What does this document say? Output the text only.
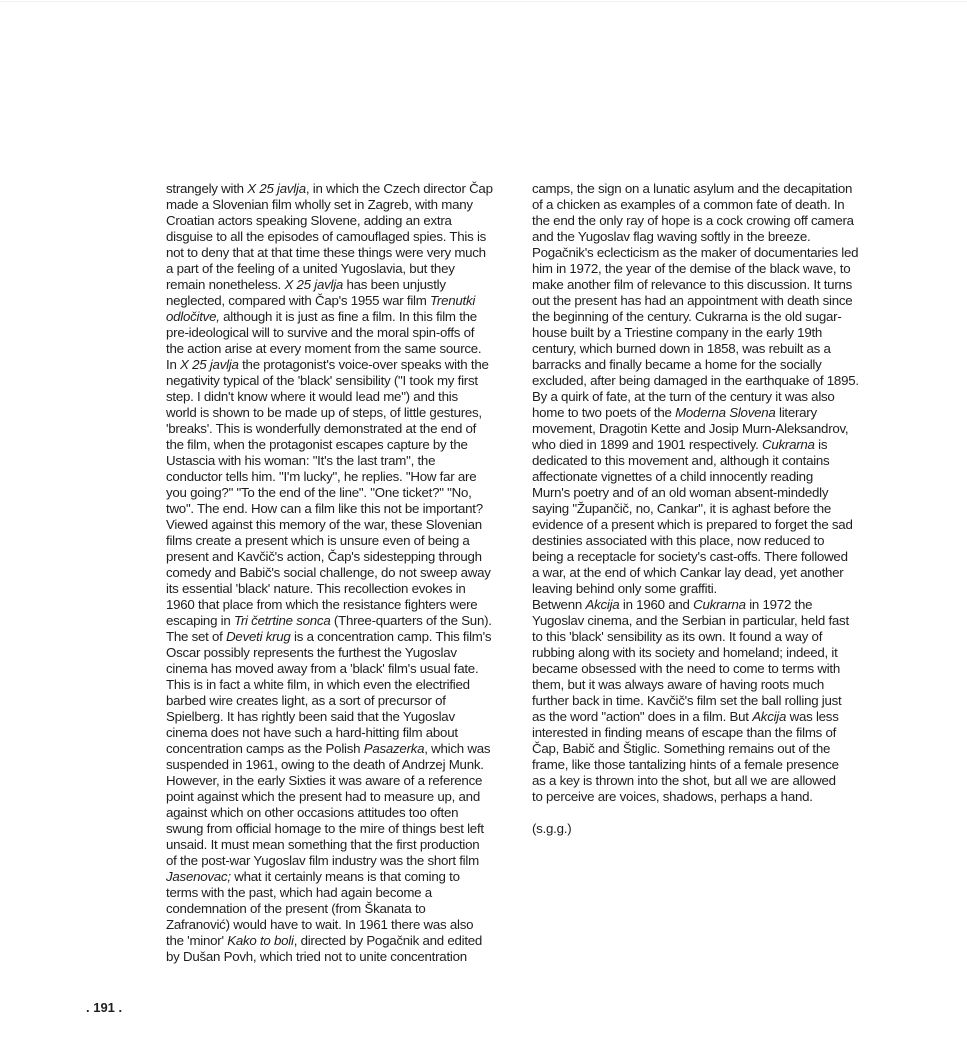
strangely with X 25 javlja, in which the Czech director Čap
made a Slovenian film wholly set in Zagreb, with many
Croatian actors speaking Slovene, adding an extra
disguise to all the episodes of camouflaged spies. This is
not to deny that at that time these things were very much
a part of the feeling of a united Yugoslavia, but they
remain nonetheless. X 25 javlja has been unjustly
neglected, compared with Čap's 1955 war film Trenutki
odločitve, although it is just as fine a film. In this film the
pre-ideological will to survive and the moral spin-offs of
the action arise at every moment from the same source.
In X 25 javlja the protagonist's voice-over speaks with the
negativity typical of the 'black' sensibility ("I took my first
step. I didn't know where it would lead me") and this
world is shown to be made up of steps, of little gestures,
'breaks'. This is wonderfully demonstrated at the end of
the film, when the protagonist escapes capture by the
Ustascia with his woman: "It's the last tram", the
conductor tells him. "I'm lucky", he replies. "How far are
you going?" "To the end of the line". "One ticket?" "No,
two". The end. How can a film like this not be important?
Viewed against this memory of the war, these Slovenian
films create a present which is unsure even of being a
present and Kavčič's action, Čap's sidestepping through
comedy and Babič's social challenge, do not sweep away
its essential 'black' nature. This recollection evokes in
1960 that place from which the resistance fighters were
escaping in Tri četrtine sonca (Three-quarters of the Sun).
The set of Deveti krug is a concentration camp. This film's
Oscar possibly represents the furthest the Yugoslav
cinema has moved away from a 'black' film's usual fate.
This is in fact a white film, in which even the electrified
barbed wire creates light, as a sort of precursor of
Spielberg. It has rightly been said that the Yugoslav
cinema does not have such a hard-hitting film about
concentration camps as the Polish Pasazerka, which was
suspended in 1961, owing to the death of Andrzej Munk.
However, in the early Sixties it was aware of a reference
point against which the present had to measure up, and
against which on other occasions attitudes too often
swung from official homage to the mire of things best left
unsaid. It must mean something that the first production
of the post-war Yugoslav film industry was the short film
Jasenovac; what it certainly means is that coming to
terms with the past, which had again become a
condemnation of the present (from Škanata to
Zafranović) would have to wait. In 1961 there was also
the 'minor' Kako to boli, directed by Pogačnik and edited
by Dušan Povh, which tried not to unite concentration
camps, the sign on a lunatic asylum and the decapitation
of a chicken as examples of a common fate of death. In
the end the only ray of hope is a cock crowing off camera
and the Yugoslav flag waving softly in the breeze.
Pogačnik's eclecticism as the maker of documentaries led
him in 1972, the year of the demise of the black wave, to
make another film of relevance to this discussion. It turns
out the present has had an appointment with death since
the beginning of the century. Cukrarna is the old sugar-
house built by a Triestine company in the early 19th
century, which burned down in 1858, was rebuilt as a
barracks and finally became a home for the socially
excluded, after being damaged in the earthquake of 1895.
By a quirk of fate, at the turn of the century it was also
home to two poets of the Moderna Slovena literary
movement, Dragotin Kette and Josip Murn-Aleksandrov,
who died in 1899 and 1901 respectively. Cukrarna is
dedicated to this movement and, although it contains
affectionate vignettes of a child innocently reading
Murn's poetry and of an old woman absent-mindedly
saying "Župančič, no, Cankar", it is aghast before the
evidence of a present which is prepared to forget the sad
destinies associated with this place, now reduced to
being a receptacle for society's cast-offs. There followed
a war, at the end of which Cankar lay dead, yet another
leaving behind only some graffiti.
Betwenn Akcija in 1960 and Cukrarna in 1972 the
Yugoslav cinema, and the Serbian in particular, held fast
to this 'black' sensibility as its own. It found a way of
rubbing along with its society and homeland; indeed, it
became obsessed with the need to come to terms with
them, but it was always aware of having roots much
further back in time. Kavčič's film set the ball rolling just
as the word "action" does in a film. But Akcija was less
interested in finding means of escape than the films of
Čap, Babič and Štiglic. Something remains out of the
frame, like those tantalizing hints of a female presence
as a key is thrown into the shot, but all we are allowed
to perceive are voices, shadows, perhaps a hand.

(s.g.g.)

. 191 .
